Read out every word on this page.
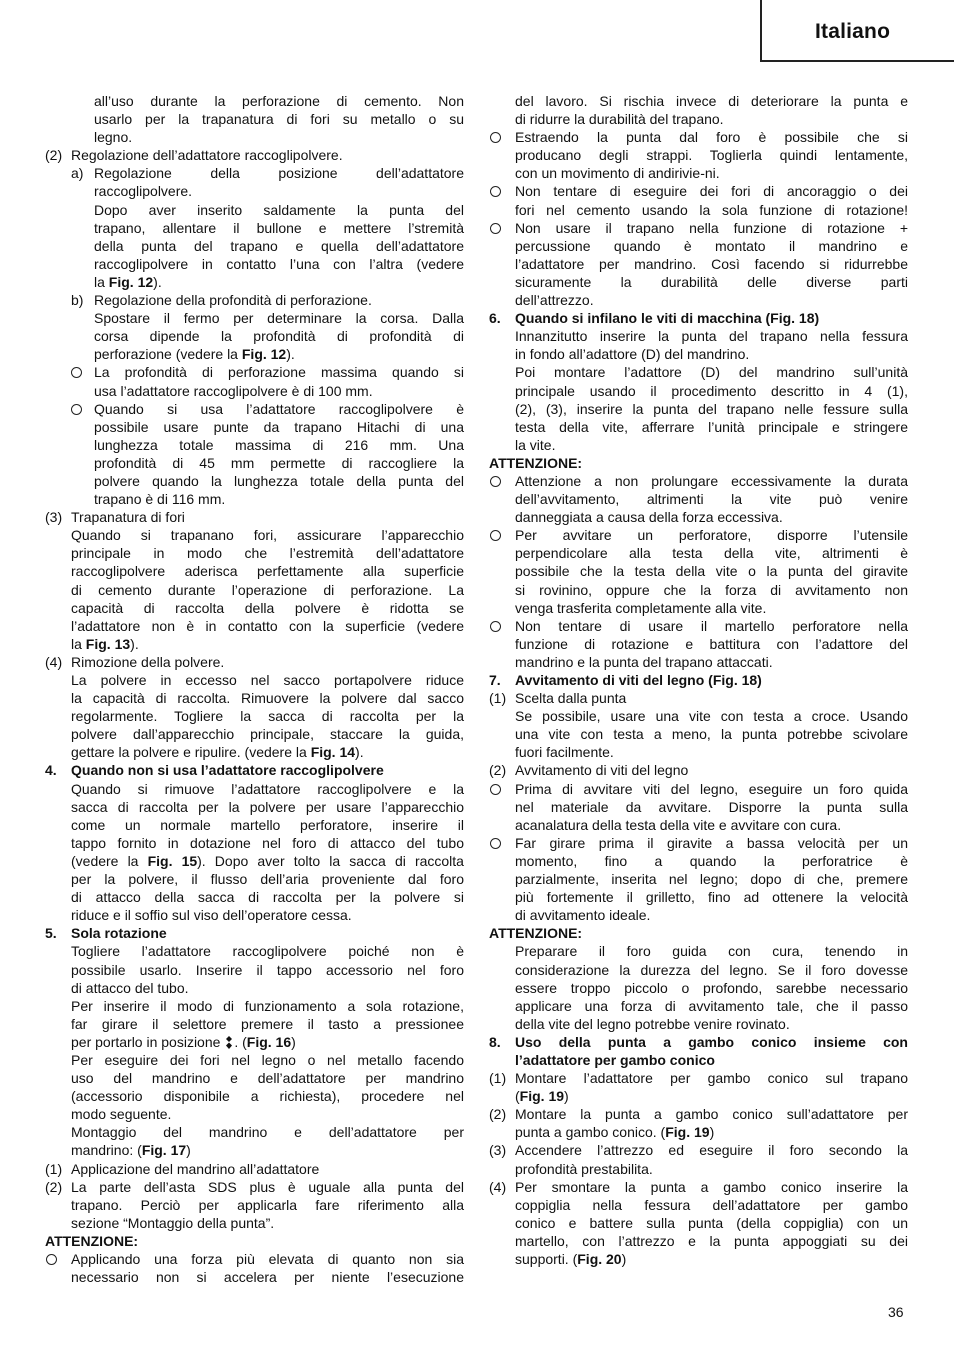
Italiano
all’uso durante la perforazione di cemento. Non
usarlo per la trapanatura di fori su metallo o su
legno.
(2) Regolazione dell’adattatore raccoglipolvere.
a) Regolazione della posizione dell’adattatore
raccoglipolvere.
Dopo aver inserito saldamente la punta del
trapano, allentare il bullone e mettere l’stremità
della punta del trapano e quella dell’adattatore
raccoglipolvere in contatto l’una con l’altra (vedere
la Fig. 12).
b) Regolazione della profondità di perforazione.
Spostare il fermo per determinare la corsa. Dalla
corsa dipende la profondità di profondità di
perforazione (vedere la Fig. 12).
La profondità di perforazione massima quando si
usa l’adattatore raccoglipolvere è di 100 mm.
Quando si usa l’adattatore raccoglipolvere è
possibile usare punte da trapano Hitachi di una
lunghezza totale massima di 216 mm. Una
profondità di 45 mm permette di raccogliere la
polvere quando la lunghezza totale della punta del
trapano è di 116 mm.
(3) Trapanatura di fori
Quando si trapanano fori, assicurare l’apparecchio
principale in modo che l’estremità dell’adattatore
raccoglipolvere aderisca perfettamente alla superficie
di cemento durante l’operazione di perforazione. La
capacità di raccolta della polvere è ridotta se
l’adattatore non è in contatto con la superficie (vedere
la Fig. 13).
(4) Rimozione della polvere.
La polvere in eccesso nel sacco portapolvere riduce
la capacità di raccolta. Rimuovere la polvere dal sacco
regolarmente. Togliere la sacca di raccolta per la
polvere dall’apparecchio principale, staccare la guida,
gettare la polvere e ripulire. (vedere la Fig. 14).
4. Quando non si usa l’adattatore raccoglipolvere
Quando si rimuove l’adattatore raccoglipolvere e la
sacca di raccolta per la polvere per usare l’apparecchio
come un normale martello perforatore, inserire il
tappo fornito in dotazione nel foro di attacco del tubo
(vedere la Fig. 15). Dopo aver tolto la sacca di raccolta
per la polvere, il flusso dell’aria proveniente dal foro
di attacco della sacca di raccolta per la polvere si
riduce e il soffio sul viso dell’operatore cessa.
5. Sola rotazione
Togliere l’adattatore raccoglipolvere poiché non è
possibile usarlo. Inserire il tappo accessorio nel foro
di attacco del tubo.
Per inserire il modo di funzionamento a sola rotazione,
far girare il selettore premere il tasto a pressionee
per portarlo in posizione . (Fig. 16)
Per eseguire dei fori nel legno o nel metallo facendo
uso del mandrino e dell’adattatore per mandrino
(accessorio disponibile a richiesta), procedere nel
modo seguente.
Montaggio del mandrino e dell’adattatore per
mandrino: (Fig. 17)
(1) Applicazione del mandrino all’adattatore
(2) La parte dell’asta SDS plus è uguale alla punta del
trapano. Perciò per applicarla fare riferimento alla
sezione “Montaggio della punta”.
ATTENZIONE:
Applicando una forza più elevata di quanto non sia
necessario non si accelera per niente l’esecuzione
del lavoro. Si rischia invece di deteriorare la punta e
di ridurre la durabilità del trapano.
Estraendo la punta dal foro è possibile che si
producano degli strappi. Toglierla quindi lentamente,
con un movimento di andirivie-ni.
Non tentare di eseguire dei fori di ancoraggio o dei
fori nel cemento usando la sola funzione di rotazione!
Non usare il trapano nella funzione di rotazione +
percussione quando è montato il mandrino e
l’adattatore per mandrino. Così facendo si ridurrebbe
sicuramente la durabilità delle diverse parti
dell’attrezzo.
6. Quando si infilano le viti di macchina (Fig. 18)
Innanzitutto inserire la punta del trapano nella fessura
in fondo all’adattore (D) del mandrino.
Poi montare l’adattore (D) del mandrino sull’unità
principale usando il procedimento descritto in 4 (1),
(2), (3), inserire la punta del trapano nelle fessure sulla
testa della vite, afferrare l’unità principale e stringere
la vite.
ATTENZIONE:
Attenzione a non prolungare eccessivamente la durata
dell’avvitamento, altrimenti la vite può venire
danneggiata a causa della forza eccessiva.
Per avvitare un perforatore, disporre l’utensile
perpendicolare alla testa della vite, altrimenti è
possibile che la testa della vite o la punta del giravite
si rovinino, oppure che la forza di avvitamento non
venga trasferita completamente alla vite.
Non tentare di usare il martello perforatore nella
funzione di rotazione e battitura con l’adattore del
mandrino e la punta del trapano attaccati.
7. Avvitamento di viti del legno (Fig. 18)
(1) Scelta dalla punta
Se possibile, usare una vite con testa a croce. Usando
una vite con testa a meno, la punta potrebbe scivolare
fuori facilmente.
(2) Avvitamento di viti del legno
Prima di avvitare viti del legno, eseguire un foro quida
nel materiale da avvitare. Disporre la punta sulla
acanalatura della testa della vite e avvitare con cura.
Far girare prima il giravite a bassa velocità per un
momento, fino a quando la perforatrice è
parzialmente, inserita nel legno; dopo di che, premere
più fortemente il grilletto, fino ad ottenere la velocità
di avvitamento ideale.
ATTENZIONE:
Preparare il foro guida con cura, tenendo in
considerazione la durezza del legno. Se il foro dovesse
essere troppo piccolo o profondo, sarebbe necessario
applicare una forza di avvitamento tale, che il passo
della vite del legno potrebbe venire rovinato.
8. Uso della punta a gambo conico insieme con
l’adattatore per gambo conico
(1) Montare l’adattatore per gambo conico sul trapano
(Fig. 19)
(2) Montare la punta a gambo conico sull’adattatore per
punta a gambo conico. (Fig. 19)
(3) Accendere l’attrezzo ed eseguire il foro secondo la
profondità prestabilita.
(4) Per smontare la punta a gambo conico inserire la
coppiglia nella fessura dell’adattatore per gambo
conico e battere sulla punta (della coppiglia) con un
martello, con l’attrezzo e la punta appoggiati su dei
supporti. (Fig. 20)
36
